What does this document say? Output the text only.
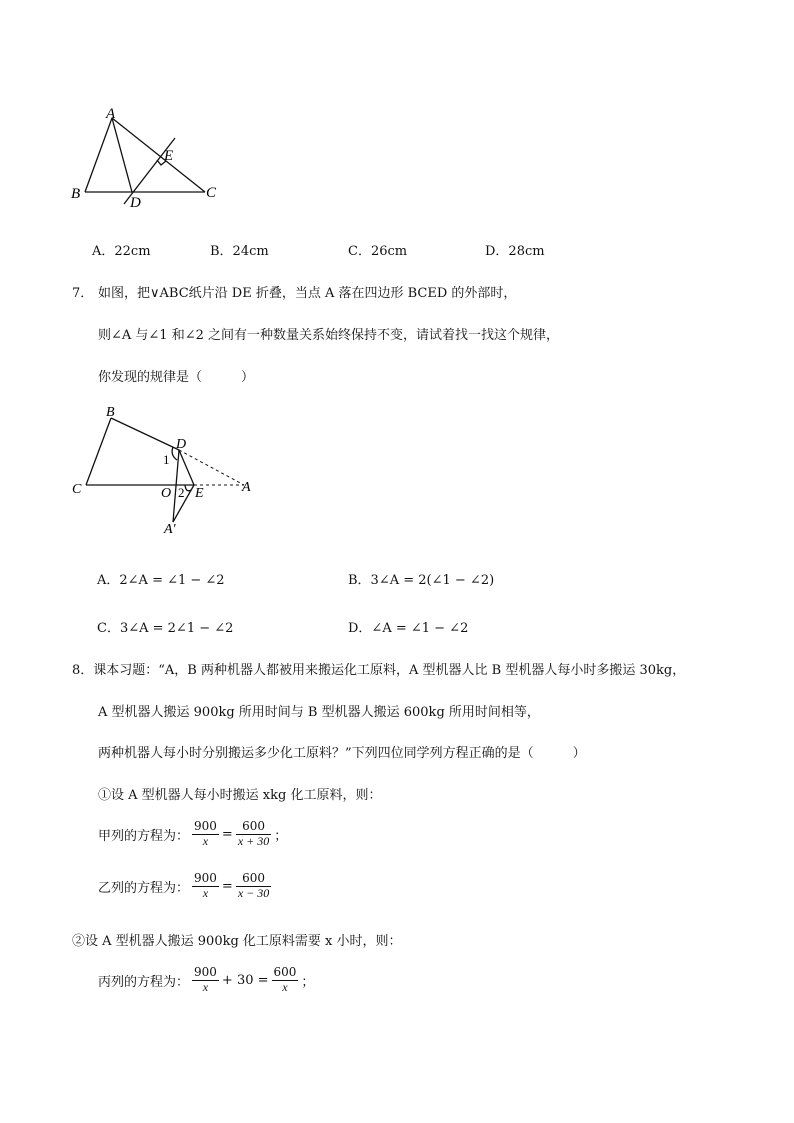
A
B	C
D
E
A．22cm	B．24cm	C．26cm	D．28cm
7． 如图，把∨ABC纸片沿 DE 折叠，当点 A 落在四边形 BCED 的外部时，
则∠A 与∠1 和∠2 之间有一种数量关系始终保持不变，请试着找一找这个规律，
你发现的规律是（　　　）
B
D
C	O E	A
A′
1
2
A．2∠A = ∠1 − ∠2	B．3∠A = 2(∠1 − ∠2)
C．3∠A = 2∠1 − ∠2	D．∠A = ∠1 − ∠2
8．课本习题：“A，B 两种机器人都被用来搬运化工原料，A 型机器人比 B 型机器人每小时多搬运 30kg，
A 型机器人搬运 900kg 所用时间与 B 型机器人搬运 600kg 所用时间相等，
两种机器人每小时分别搬运多少化工原料？”下列四位同学列方程正确的是（　　　）
①设 A 型机器人每小时搬运 xkg 化工原料，则：
甲列的方程为： $\frac{900}{x} = \frac{600}{x + 30}$ ；
乙列的方程为： $\frac{900}{x} = \frac{600}{x - 30}$
②设 A 型机器人搬运 900kg 化工原料需要 x 小时，则：
丙列的方程为： $\frac{900}{x} + 30 = \frac{600}{x}$ ；
